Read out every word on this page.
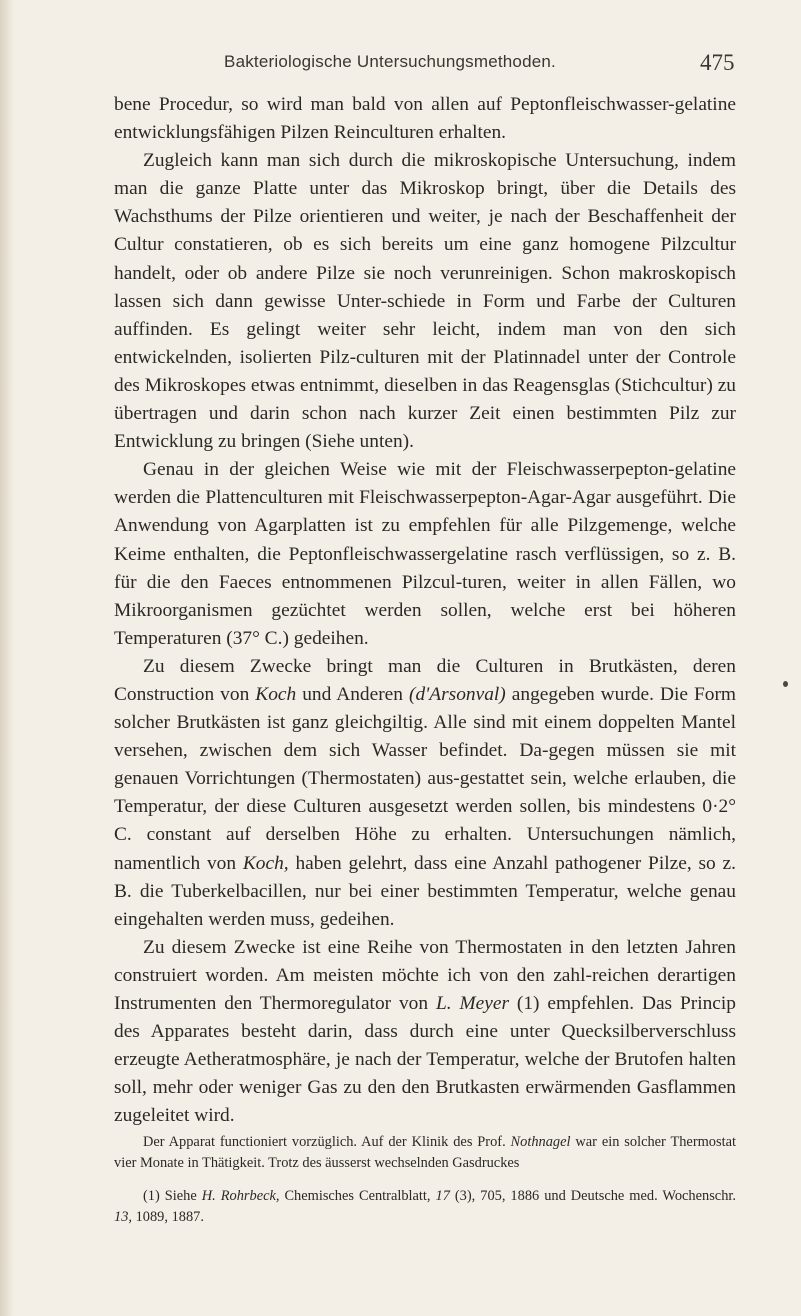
Bakteriologische Untersuchungsmethoden.	475

bene Procedur, so wird man bald von allen auf Peptonfleischwasser-gelatine entwicklungsfähigen Pilzen Reinculturen erhalten.

Zugleich kann man sich durch die mikroskopische Untersuchung, indem man die ganze Platte unter das Mikroskop bringt, über die Details des Wachsthums der Pilze orientieren und weiter, je nach der Beschaffenheit der Cultur constatieren, ob es sich bereits um eine ganz homogene Pilzcultur handelt, oder ob andere Pilze sie noch verunreinigen. Schon makroskopisch lassen sich dann gewisse Unter-schiede in Form und Farbe der Culturen auffinden. Es gelingt weiter sehr leicht, indem man von den sich entwickelnden, isolierten Pilz-culturen mit der Platinnadel unter der Controle des Mikroskopes etwas entnimmt, dieselben in das Reagensglas (Stichcultur) zu übertragen und darin schon nach kurzer Zeit einen bestimmten Pilz zur Entwicklung zu bringen (Siehe unten).

Genau in der gleichen Weise wie mit der Fleischwasserpepton-gelatine werden die Plattenculturen mit Fleischwasserpepton-Agar-Agar ausgeführt. Die Anwendung von Agarplatten ist zu empfehlen für alle Pilzgemenge, welche Keime enthalten, die Peptonfleischwassergelatine rasch verflüssigen, so z. B. für die den Faeces entnommenen Pilzcul-turen, weiter in allen Fällen, wo Mikroorganismen gezüchtet werden sollen, welche erst bei höheren Temperaturen (37° C.) gedeihen.

Zu diesem Zwecke bringt man die Culturen in Brutkästen, deren Construction von Koch und Anderen (d'Arsonval) angegeben wurde. Die Form solcher Brutkästen ist ganz gleichgiltig. Alle sind mit einem doppelten Mantel versehen, zwischen dem sich Wasser befindet. Da-gegen müssen sie mit genauen Vorrichtungen (Thermostaten) aus-gestattet sein, welche erlauben, die Temperatur, der diese Culturen ausgesetzt werden sollen, bis mindestens 0·2° C. constant auf derselben Höhe zu erhalten. Untersuchungen nämlich, namentlich von Koch, haben gelehrt, dass eine Anzahl pathogener Pilze, so z. B. die Tuberkelbacillen, nur bei einer bestimmten Temperatur, welche genau eingehalten werden muss, gedeihen.

Zu diesem Zwecke ist eine Reihe von Thermostaten in den letzten Jahren construiert worden. Am meisten möchte ich von den zahl-reichen derartigen Instrumenten den Thermoregulator von L. Meyer (1) empfehlen. Das Princip des Apparates besteht darin, dass durch eine unter Quecksilberverschluss erzeugte Aetheratmosphäre, je nach der Temperatur, welche der Brutofen halten soll, mehr oder weniger Gas zu den den Brutkasten erwärmenden Gasflammen zugeleitet wird.

Der Apparat functioniert vorzüglich. Auf der Klinik des Prof. Nothnagel war ein solcher Thermostat vier Monate in Thätigkeit. Trotz des äusserst wechselnden Gasdruckes

(1) Siehe H. Rohrbeck, Chemisches Centralblatt, 17 (3), 705, 1886 und Deutsche med. Wochenschr. 13, 1089, 1887.
